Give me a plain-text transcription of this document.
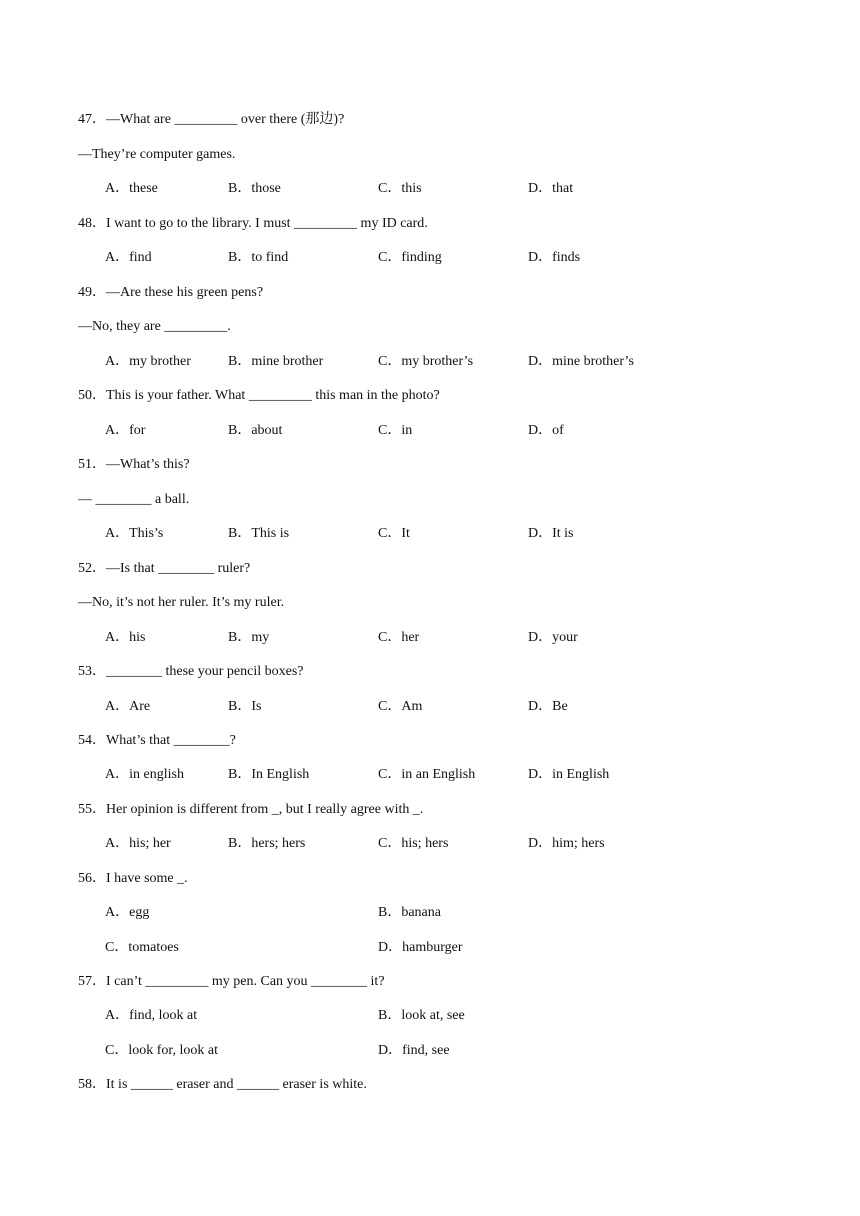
47．—What are _________ over there (那边)?
—They’re computer games.
A．these	B．those	C．this	D．that
48．I want to go to the library. I must _________ my ID card.
A．find	B．to find	C．finding	D．finds
49．—Are these his green pens?
—No, they are _________.
A．my brother	B．mine brother	C．my brother’s	D．mine brother’s
50．This is your father. What _________ this man in the photo?
A．for	B．about	C．in	D．of
51．—What’s this?
— ________ a ball.
A．This’s	B．This is	C．It	D．It is
52．—Is that ________ ruler?
—No, it’s not her ruler. It’s my ruler.
A．his	B．my	C．her	D．your
53．________ these your pencil boxes?
A．Are	B．Is	C．Am	D．Be
54．What’s that ________?
A．in english	B．In English	C．in an English	D．in English
55．Her opinion is different from _, but I really agree with _.
A．his; her	B．hers; hers	C．his; hers	D．him; hers
56．I have some _.
A．egg	B．banana
C．tomatoes	D．hamburger
57．I can’t _________ my pen. Can you ________ it?
A．find, look at	B．look at, see
C．look for, look at	D．find, see
58．It is ______ eraser and ______ eraser is white.
